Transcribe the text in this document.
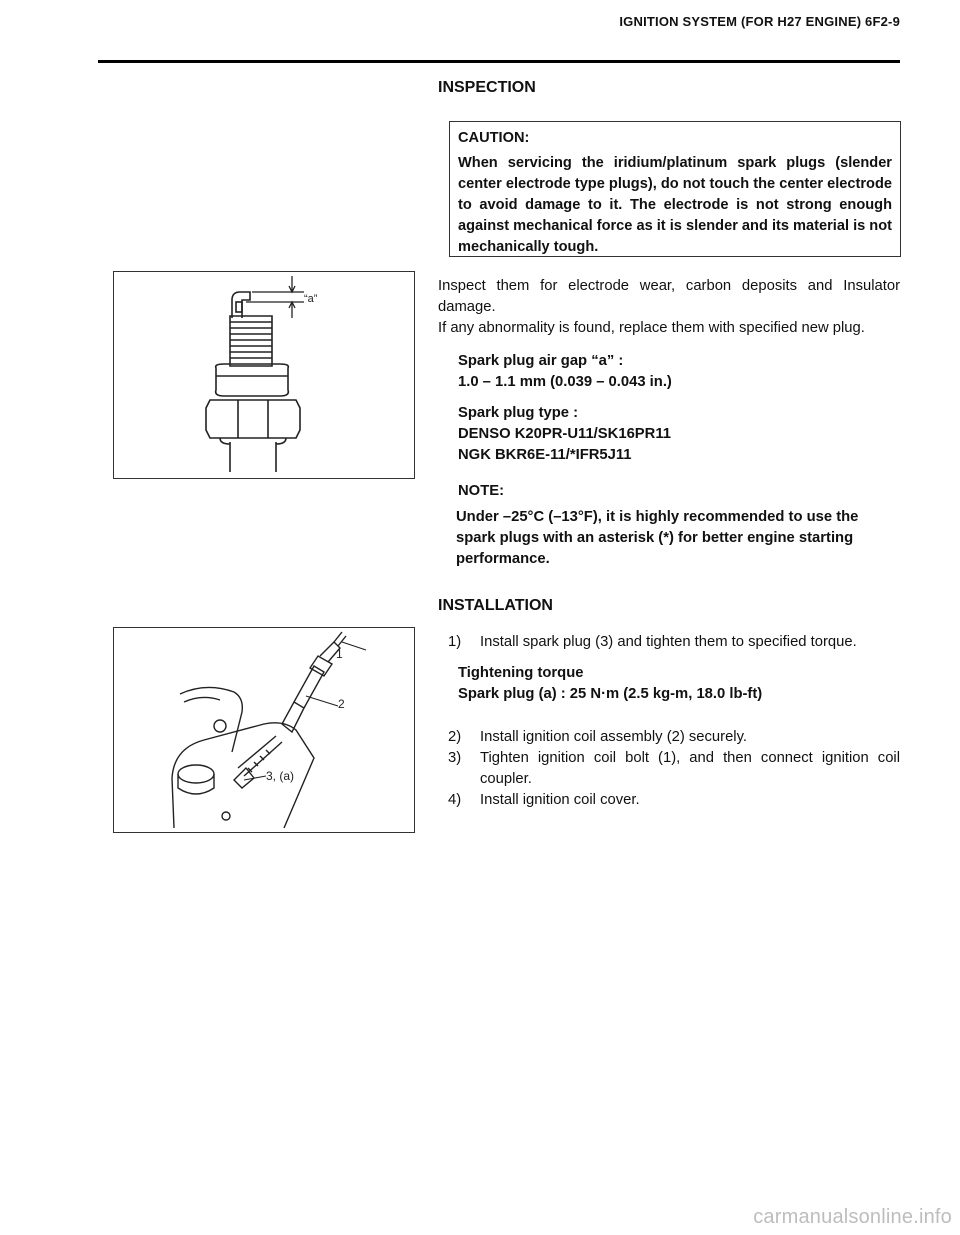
IGNITION SYSTEM (FOR H27 ENGINE) 6F2-9
INSPECTION
CAUTION:
When servicing the iridium/platinum spark plugs (slender center electrode type plugs), do not touch the center electrode to avoid damage to it. The electrode is not strong enough against mechanical force as it is slender and its material is not mechanically tough.
“a”
Inspect them for electrode wear, carbon deposits and Insulator damage.
If any abnormality is found, replace them with specified new plug.
Spark plug air gap “a” :
1.0 – 1.1 mm (0.039 – 0.043 in.)
Spark plug type :
DENSO K20PR-U11/SK16PR11
NGK BKR6E-11/*IFR5J11
NOTE:
Under –25°C (–13°F), it is highly recommended to use the spark plugs with an asterisk (*) for better engine starting performance.
INSTALLATION
1
2
3, (a)
1) Install spark plug (3) and tighten them to specified torque.
Tightening torque
Spark plug (a) : 25 N·m (2.5 kg-m, 18.0 lb-ft)
2) Install ignition coil assembly (2) securely.
3) Tighten ignition coil bolt (1), and then connect ignition coil coupler.
4) Install ignition coil cover.
carmanualsonline.info
